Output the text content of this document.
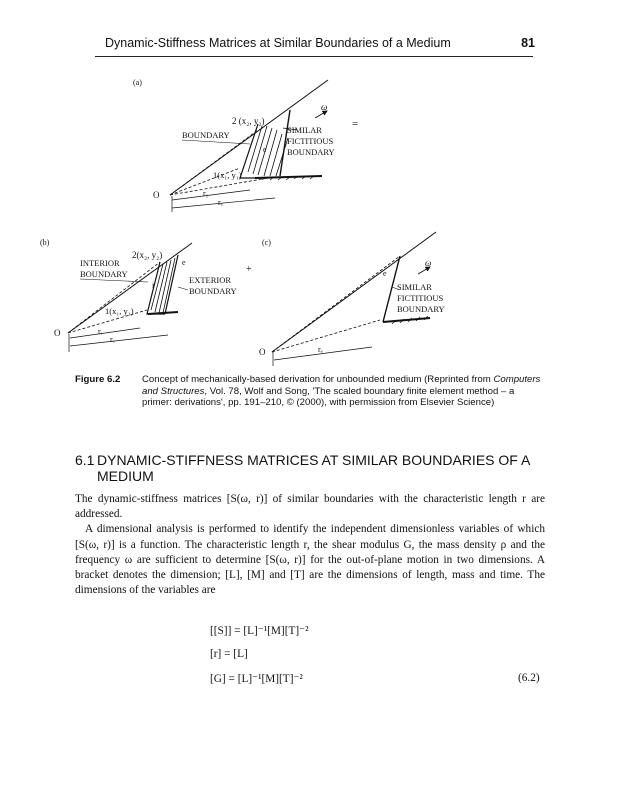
Dynamic-Stiffness Matrices at Similar Boundaries of a Medium	81
(a)
2 (x₂, y₂)
BOUNDARY
1(x₁, y₁)
e
O	r₁
rₑ
SIMILAR
FICTITIOUS
BOUNDARY
ω
=
(b)
INTERIOR
BOUNDARY
2(x₂, y₂)
1(x₁, y₁)
i
e
O
EXTERIOR
BOUNDARY
rᵢ
rₑ
+
(c)
e
O	rₑ
ω
SIMILAR
FICTITIOUS
BOUNDARY
Figure 6.2 Concept of mechanically-based derivation for unbounded medium (Reprinted from Computers and Structures, Vol. 78, Wolf and Song, 'The scaled boundary finite element method – a primer: derivations', pp. 191–210, © (2000), with permission from Elsevier Science)
6.1 DYNAMIC-STIFFNESS MATRICES AT SIMILAR BOUNDARIES OF A MEDIUM

The dynamic-stiffness matrices [S(ω, r)] of similar boundaries with the characteristic length r are addressed.

A dimensional analysis is performed to identify the independent dimensionless variables of which [S(ω, r)] is a function. The characteristic length r, the shear modulus G, the mass density ρ and the frequency ω are sufficient to determine [S(ω, r)] for the out-of-plane motion in two dimensions. A bracket denotes the dimension; [L], [M] and [T] are the dimensions of length, mass and time. The dimensions of the variables are

[[S]] = [L]⁻¹[M][T]⁻²
[r] = [L]
[G] = [L]⁻¹[M][T]⁻²	(6.2)
